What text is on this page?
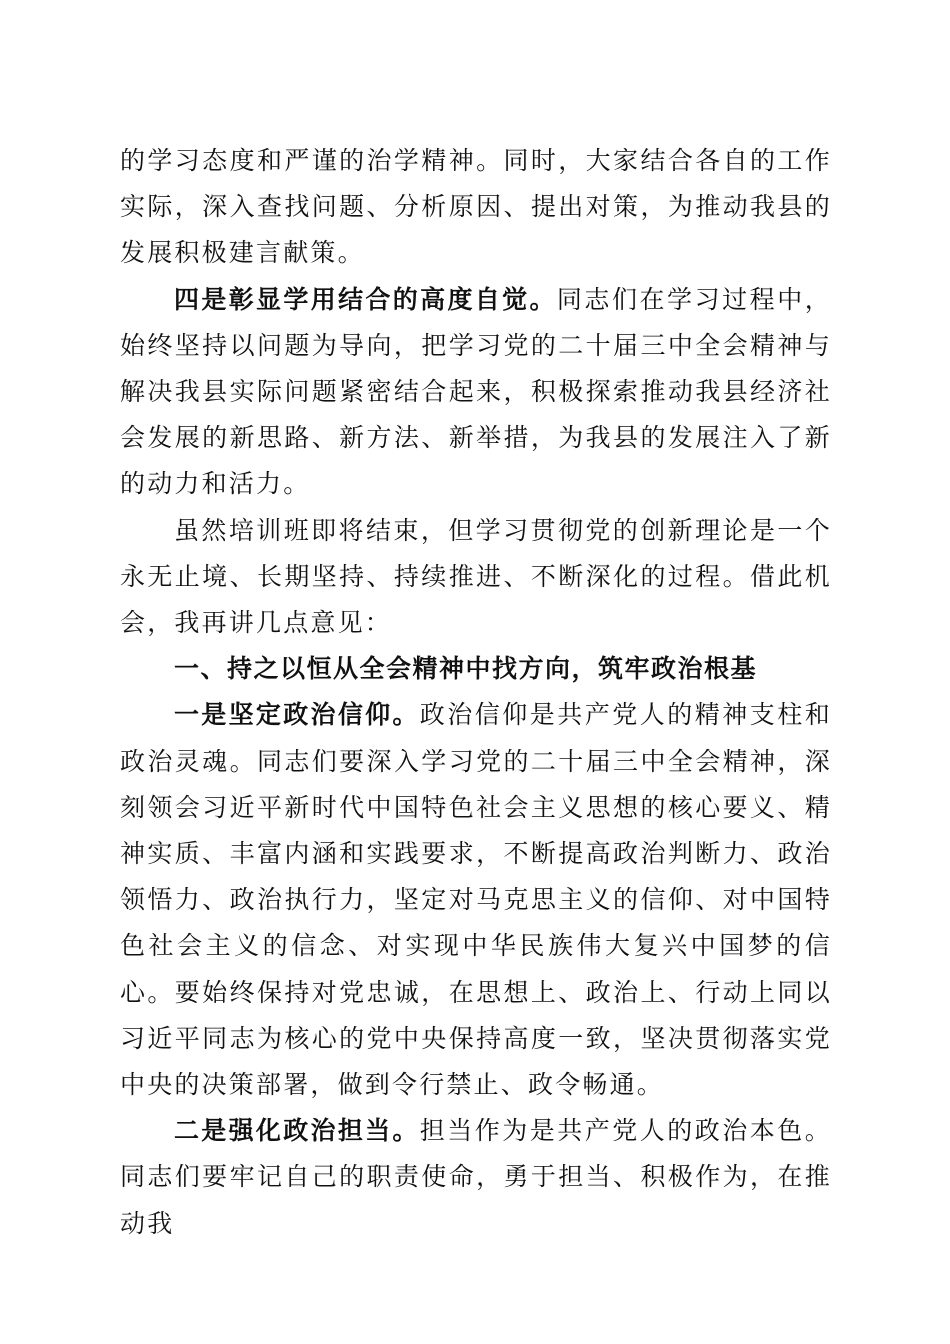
的学习态度和严谨的治学精神。同时，大家结合各自的工作实际，深入查找问题、分析原因、提出对策，为推动我县的发展积极建言献策。

四是彰显学用结合的高度自觉。同志们在学习过程中，始终坚持以问题为导向，把学习党的二十届三中全会精神与解决我县实际问题紧密结合起来，积极探索推动我县经济社会发展的新思路、新方法、新举措，为我县的发展注入了新的动力和活力。

虽然培训班即将结束，但学习贯彻党的创新理论是一个永无止境、长期坚持、持续推进、不断深化的过程。借此机会，我再讲几点意见：

一、持之以恒从全会精神中找方向，筑牢政治根基

一是坚定政治信仰。政治信仰是共产党人的精神支柱和政治灵魂。同志们要深入学习党的二十届三中全会精神，深刻领会习近平新时代中国特色社会主义思想的核心要义、精神实质、丰富内涵和实践要求，不断提高政治判断力、政治领悟力、政治执行力，坚定对马克思主义的信仰、对中国特色社会主义的信念、对实现中华民族伟大复兴中国梦的信心。要始终保持对党忠诚，在思想上、政治上、行动上同以习近平同志为核心的党中央保持高度一致，坚决贯彻落实党中央的决策部署，做到令行禁止、政令畅通。

二是强化政治担当。担当作为是共产党人的政治本色。同志们要牢记自己的职责使命，勇于担当、积极作为，在推动我
